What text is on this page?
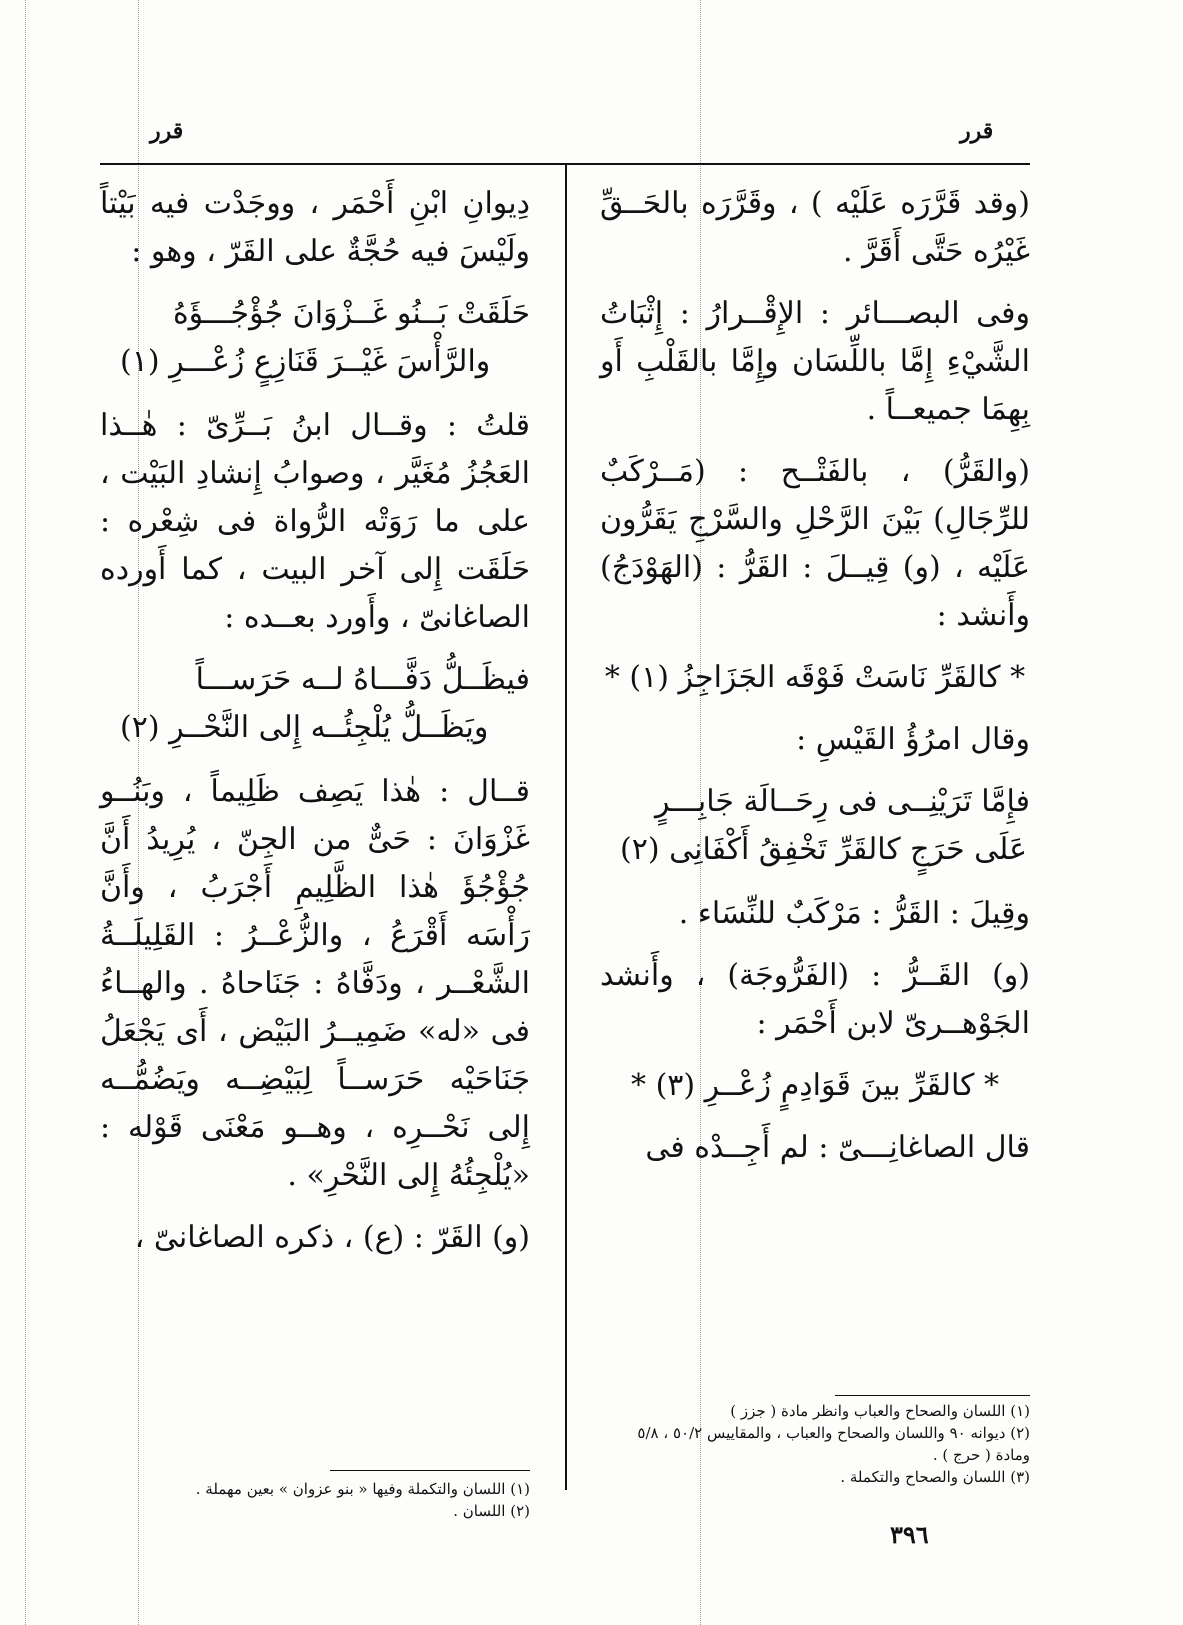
قرر
قرر

(وقد قَرَّرَه عَلَيْه ) ، وقَرَّرَه بالحَــقِّ غَيْرُه حَتَّى أَقَرَّ .

وفى البصـــائر : الإِقْــرارُ : إِثْبَاتُ الشَّيْءِ إِمَّا باللِّسَان وإِمَّا بالقَلْبِ أَو بِهِمَا جميعــاً .

(والقَرُّ) ، بالفَتْــح : (مَــرْكَبٌ للرِّجَالِ) بَيْنَ الرَّحْلِ والسَّرْجِ يَقَرُّون عَلَيْه ، (و) قِيــلَ : القَرُّ : (الهَوْدَجُ) وأَنشد :

* كالقَرِّ نَاسَتْ فَوْقَه الجَزَاجِزُ (١) *

وقال امرُؤُ القَيْسِ :

فإِمَّا تَرَيْنِــى فى رِحَــالَة جَابِـــرٍ
عَلَى حَرَجٍ كالقَرِّ تَخْفِقُ أَكْفَانِى (٢)

وقِيلَ : القَرُّ : مَرْكَبٌ للنِّسَاء .

(و) القَــرُّ : (الفَرُّوجَة) ، وأَنشد الجَوْهــرىّ لابن أَحْمَر :

* كالقَرِّ بينَ قَوَادِمٍ زُعْــرِ (٣) *

قال الصاغانِـــىّ : لم أَجِــدْه فى

دِيوانِ ابْنِ أَحْمَر ، ووجَدْت فيه بَيْتاً ولَيْسَ فيه حُجَّةٌ على القَرّ ، وهو :

حَلَقَتْ بَــنُو غَــزْوَانَ جُؤْجُـــؤَهُ
والرَّأْسَ غَيْــرَ قَنَازِعٍ زُعْـــرِ (١)

قلتُ : وقــال ابنُ بَــرِّىّ : هٰــذا العَجُزُ مُغَيَّر ، وصوابُ إِنشادِ البَيْت ، على ما رَوَتْه الرُّواة فى شِعْره : حَلَقَت إِلى آخر البيت ، كما أَورده الصاغانىّ ، وأَورد بعــده :

فيظَــلُّ دَفَّـــاهُ لــه حَرَســـاً
ويَظَــلُّ يُلْجِئُــه إِلى النَّحْــرِ (٢)

قــال : هٰذا يَصِف ظَلِيماً ، وبَنُــو غَزْوَانَ : حَىٌّ من الجِنّ ، يُرِيدُ أَنَّ جُؤْجُؤَ هٰذا الظَّلِيمِ أَجْرَبُ ، وأَنَّ رَأْسَه أَقْرَعُ ، والزُّعْــرُ : القَلِيلَــةُ الشَّعْــر ، ودَفَّاهُ : جَنَاحاهُ . والهــاءُ فى «له» ضَمِيــرُ البَيْض ، أَى يَجْعَلُ جَنَاحَيْه حَرَســاً لِبَيْضِــه ويَضُمُّــه إِلى نَحْــرِه ، وهــو مَعْنَى قَوْله : «يُلْجِئُهُ إِلى النَّحْرِ» .

(و) القَرّ : (ع) ، ذكره الصاغانىّ ،

(١) اللسان والصحاح والعباب وانظر مادة ( جزز )
(٢) ديوانه ٩٠ واللسان والصحاح والعباب ، والمقاييس ٥٠/٢ ، ٥/٨ ومادة ( حرج ) .
(٣) اللسان والصحاح والتكملة .
(١) اللسان والتكملة وفيها « بنو عزوان » بعين مهملة .
(٢) اللسان .
٣٩٦
